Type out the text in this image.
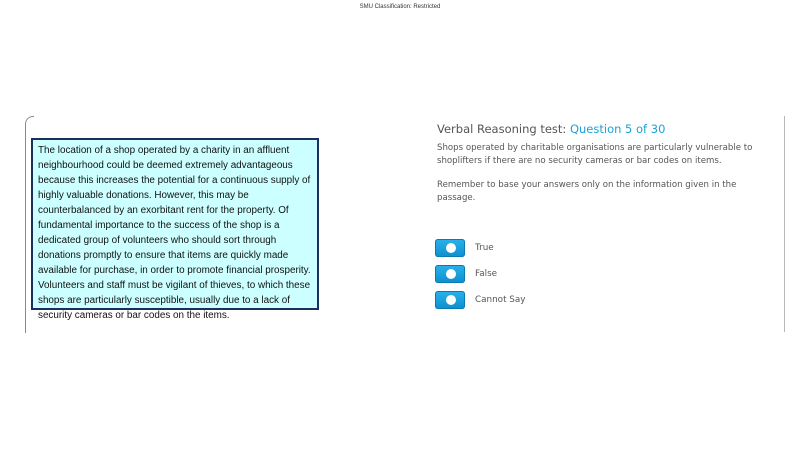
SMU Classification: Restricted

The location of a shop operated by a charity in an affluent neighbourhood could be deemed extremely advantageous because this increases the potential for a continuous supply of highly valuable donations. However, this may be counterbalanced by an exorbitant rent for the property. Of fundamental importance to the success of the shop is a dedicated group of volunteers who should sort through donations promptly to ensure that items are quickly made available for purchase, in order to promote financial prosperity. Volunteers and staff must be vigilant of thieves, to which these shops are particularly susceptible, usually due to a lack of security cameras or bar codes on the items.

Verbal Reasoning test: Question 5 of 30
Shops operated by charitable organisations are particularly vulnerable to shoplifters if there are no security cameras or bar codes on items.
Remember to base your answers only on the information given in the passage.
True
False
Cannot Say
